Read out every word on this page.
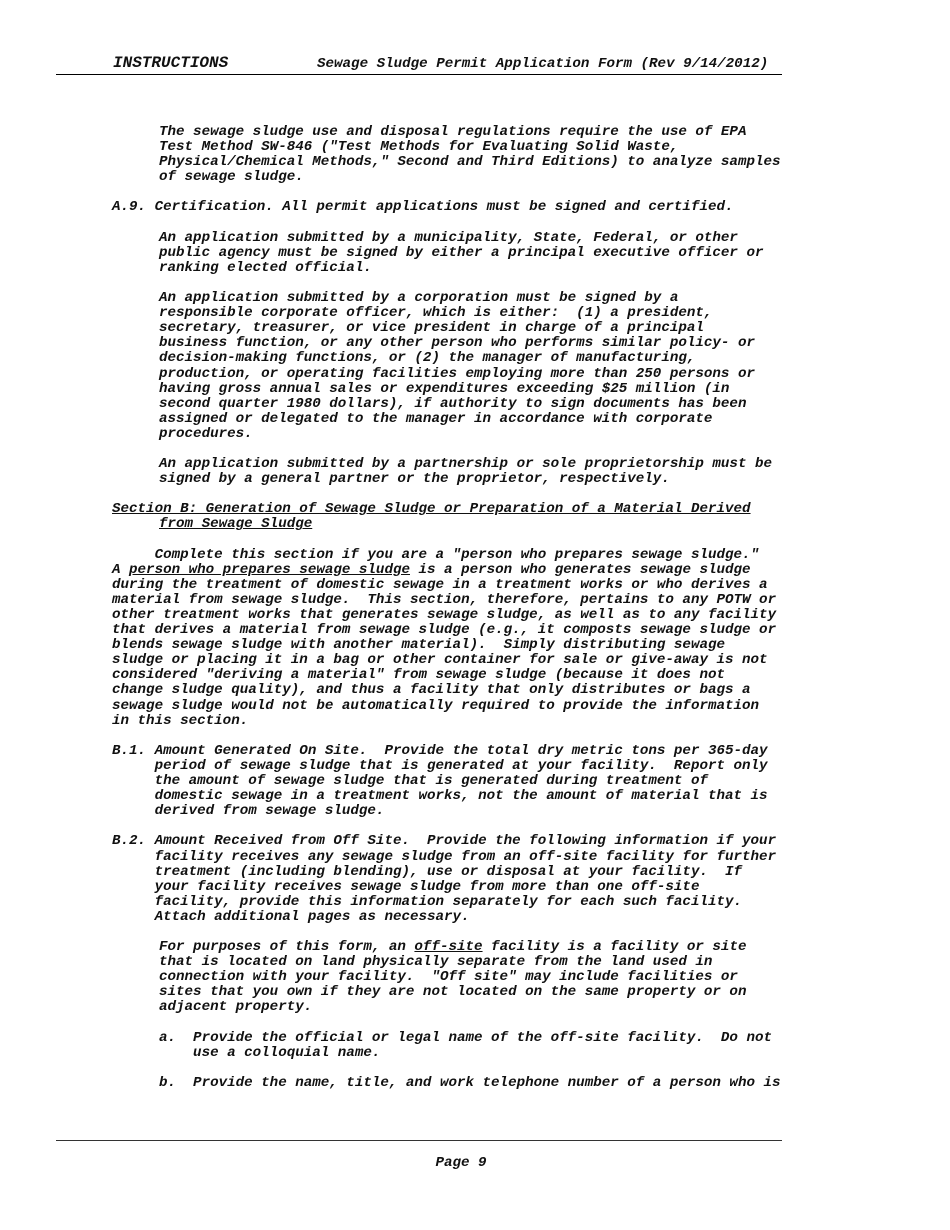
INSTRUCTIONS	Sewage Sludge Permit Application Form (Rev 9/14/2012)

The sewage sludge use and disposal regulations require the use of EPA

Test Method SW-846 ("Test Methods for Evaluating Solid Waste,

Physical/Chemical Methods," Second and Third Editions) to analyze samples

of sewage sludge.

A.9. Certification. All permit applications must be signed and certified.

An application submitted by a municipality, State, Federal, or other

public agency must be signed by either a principal executive officer or

ranking elected official.

An application submitted by a corporation must be signed by a

responsible corporate officer, which is either:  (1) a president,

secretary, treasurer, or vice president in charge of a principal

business function, or any other person who performs similar policy- or

decision-making functions, or (2) the manager of manufacturing,

production, or operating facilities employing more than 250 persons or

having gross annual sales or expenditures exceeding $25 million (in

second quarter 1980 dollars), if authority to sign documents has been

assigned or delegated to the manager in accordance with corporate

procedures.

An application submitted by a partnership or sole proprietorship must be

signed by a general partner or the proprietor, respectively.

Section B: Generation of Sewage Sludge or Preparation of a Material Derived

from Sewage Sludge

Complete this section if you are a "person who prepares sewage sludge."

A person who prepares sewage sludge is a person who generates sewage sludge

during the treatment of domestic sewage in a treatment works or who derives a

material from sewage sludge.  This section, therefore, pertains to any POTW or

other treatment works that generates sewage sludge, as well as to any facility

that derives a material from sewage sludge (e.g., it composts sewage sludge or

blends sewage sludge with another material).  Simply distributing sewage

sludge or placing it in a bag or other container for sale or give-away is not

considered "deriving a material" from sewage sludge (because it does not

change sludge quality), and thus a facility that only distributes or bags a

sewage sludge would not be automatically required to provide the information

in this section.

B.1. Amount Generated On Site.  Provide the total dry metric tons per 365-day

period of sewage sludge that is generated at your facility.  Report only

the amount of sewage sludge that is generated during treatment of

domestic sewage in a treatment works, not the amount of material that is

derived from sewage sludge.

B.2. Amount Received from Off Site.  Provide the following information if your

facility receives any sewage sludge from an off-site facility for further

treatment (including blending), use or disposal at your facility.  If

your facility receives sewage sludge from more than one off-site

facility, provide this information separately for each such facility.

Attach additional pages as necessary.

For purposes of this form, an off-site facility is a facility or site

that is located on land physically separate from the land used in

connection with your facility.  "Off site" may include facilities or

sites that you own if they are not located on the same property or on

adjacent property.

a.  Provide the official or legal name of the off-site facility.  Do not

use a colloquial name.

b.  Provide the name, title, and work telephone number of a person who is

Page 9
